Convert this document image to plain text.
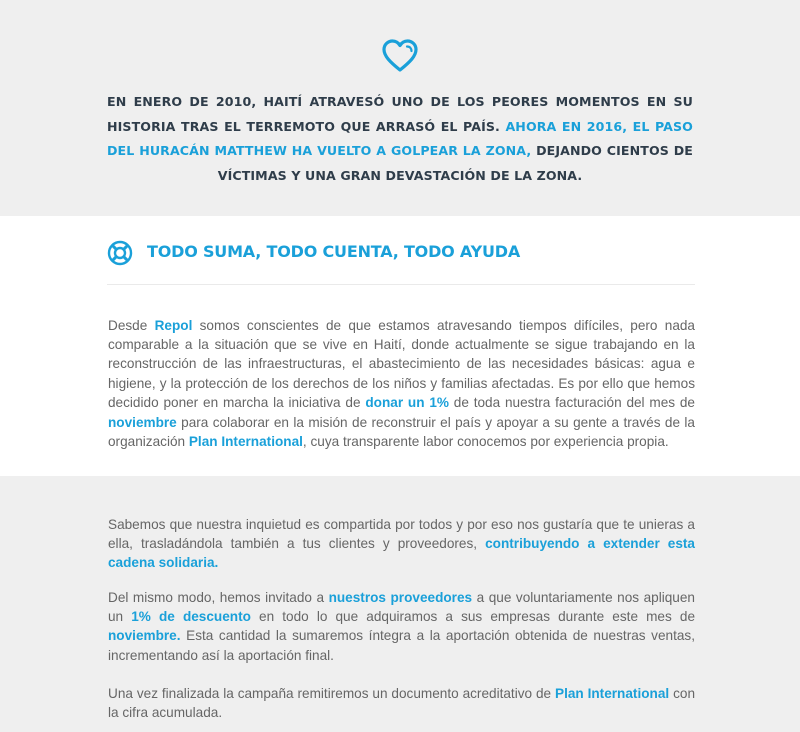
EN ENERO DE 2010, HAITÍ ATRAVESÓ UNO DE LOS PEORES MOMENTOS EN SU HISTORIA TRAS EL TERREMOTO QUE ARRASÓ EL PAÍS. AHORA EN 2016, EL PASO DEL HURACÁN MATTHEW HA VUELTO A GOLPEAR LA ZONA, DEJANDO CIENTOS DE VÍCTIMAS Y UNA GRAN DEVASTACIÓN DE LA ZONA.

TODO SUMA, TODO CUENTA, TODO AYUDA

Desde Repol somos conscientes de que estamos atravesando tiempos difíciles, pero nada comparable a la situación que se vive en Haití, donde actualmente se sigue trabajando en la reconstrucción de las infraestructuras, el abastecimiento de las necesidades básicas: agua e higiene, y la protección de los derechos de los niños y familias afectadas. Es por ello que hemos decidido poner en marcha la iniciativa de donar un 1% de toda nuestra facturación del mes de noviembre para colaborar en la misión de reconstruir el país y apoyar a su gente a través de la organización Plan International, cuya transparente labor conocemos por experiencia propia.

Sabemos que nuestra inquietud es compartida por todos y por eso nos gustaría que te unieras a ella, trasladándola también a tus clientes y proveedores, contribuyendo a extender esta cadena solidaria.

Del mismo modo, hemos invitado a nuestros proveedores a que voluntariamente nos apliquen un 1% de descuento en todo lo que adquiramos a sus empresas durante este mes de noviembre. Esta cantidad la sumaremos íntegra a la aportación obtenida de nuestras ventas, incrementando así la aportación final.

Una vez finalizada la campaña remitiremos un documento acreditativo de Plan International con la cifra acumulada.
